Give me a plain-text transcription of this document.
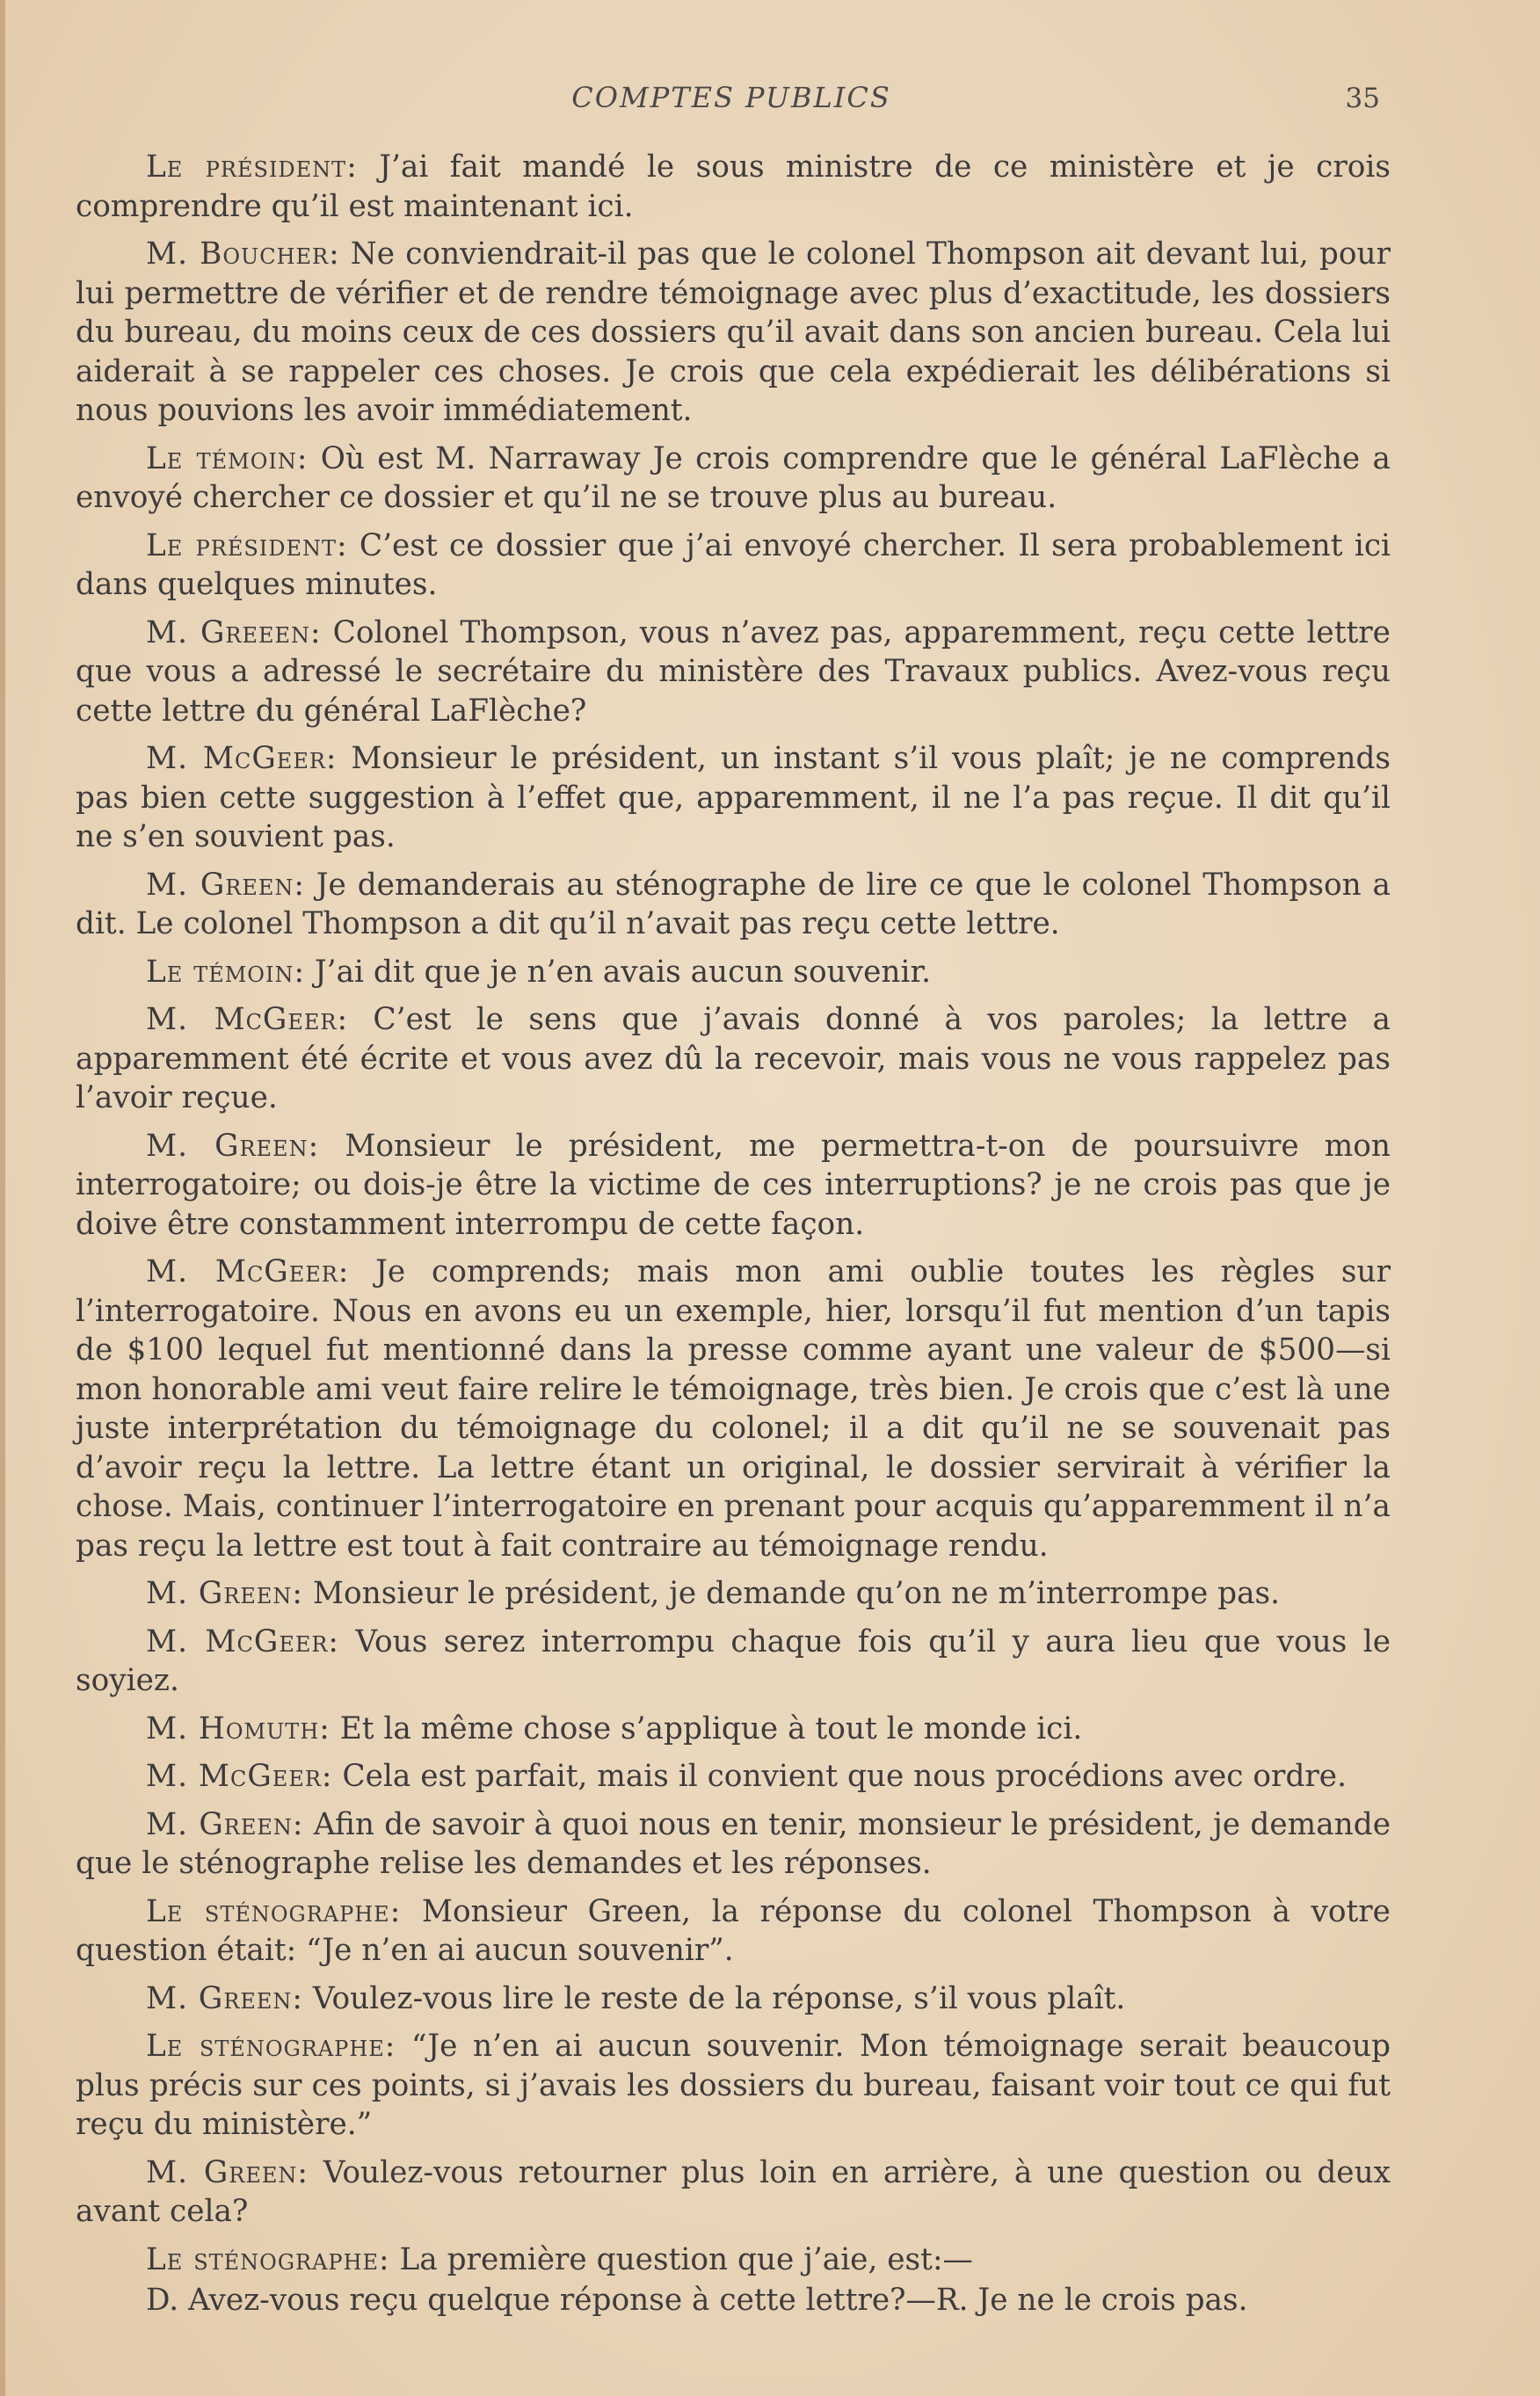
COMPTES PUBLICS	35

Le président: J’ai fait mandé le sous ministre de ce ministère et je crois comprendre qu’il est maintenant ici.

M. Boucher: Ne conviendrait-il pas que le colonel Thompson ait devant lui, pour lui permettre de vérifier et de rendre témoignage avec plus d’exactitude, les dossiers du bureau, du moins ceux de ces dossiers qu’il avait dans son ancien bureau. Cela lui aiderait à se rappeler ces choses. Je crois que cela expédierait les délibérations si nous pouvions les avoir immédiatement.

Le témoin: Où est M. Narraway Je crois comprendre que le général LaFlèche a envoyé chercher ce dossier et qu’il ne se trouve plus au bureau.

Le président: C’est ce dossier que j’ai envoyé chercher. Il sera probablement ici dans quelques minutes.

M. Greeen: Colonel Thompson, vous n’avez pas, apparemment, reçu cette lettre que vous a adressé le secrétaire du ministère des Travaux publics. Avez-vous reçu cette lettre du général LaFlèche?

M. McGeer: Monsieur le président, un instant s’il vous plaît; je ne comprends pas bien cette suggestion à l’effet que, apparemment, il ne l’a pas reçue. Il dit qu’il ne s’en souvient pas.

M. Green: Je demanderais au sténographe de lire ce que le colonel Thompson a dit. Le colonel Thompson a dit qu’il n’avait pas reçu cette lettre.

Le témoin: J’ai dit que je n’en avais aucun souvenir.

M. McGeer: C’est le sens que j’avais donné à vos paroles; la lettre a apparemment été écrite et vous avez dû la recevoir, mais vous ne vous rappelez pas l’avoir reçue.

M. Green: Monsieur le président, me permettra-t-on de poursuivre mon interrogatoire; ou dois-je être la victime de ces interruptions? je ne crois pas que je doive être constamment interrompu de cette façon.

M. McGeer: Je comprends; mais mon ami oublie toutes les règles sur l’interrogatoire. Nous en avons eu un exemple, hier, lorsqu’il fut mention d’un tapis de $100 lequel fut mentionné dans la presse comme ayant une valeur de $500—si mon honorable ami veut faire relire le témoignage, très bien. Je crois que c’est là une juste interprétation du témoignage du colonel; il a dit qu’il ne se souvenait pas d’avoir reçu la lettre. La lettre étant un original, le dossier servirait à vérifier la chose. Mais, continuer l’interrogatoire en prenant pour acquis qu’apparemment il n’a pas reçu la lettre est tout à fait contraire au témoignage rendu.

M. Green: Monsieur le président, je demande qu’on ne m’interrompe pas.

M. McGeer: Vous serez interrompu chaque fois qu’il y aura lieu que vous le soyiez.

M. Homuth: Et la même chose s’applique à tout le monde ici.

M. McGeer: Cela est parfait, mais il convient que nous procédions avec ordre.

M. Green: Afin de savoir à quoi nous en tenir, monsieur le président, je demande que le sténographe relise les demandes et les réponses.

Le sténographe: Monsieur Green, la réponse du colonel Thompson à votre question était: “Je n’en ai aucun souvenir”.

M. Green: Voulez-vous lire le reste de la réponse, s’il vous plaît.

Le sténographe: “Je n’en ai aucun souvenir. Mon témoignage serait beaucoup plus précis sur ces points, si j’avais les dossiers du bureau, faisant voir tout ce qui fut reçu du ministère.”

M. Green: Voulez-vous retourner plus loin en arrière, à une question ou deux avant cela?

Le sténographe: La première question que j’aie, est:—

D. Avez-vous reçu quelque réponse à cette lettre?—R. Je ne le crois pas.
